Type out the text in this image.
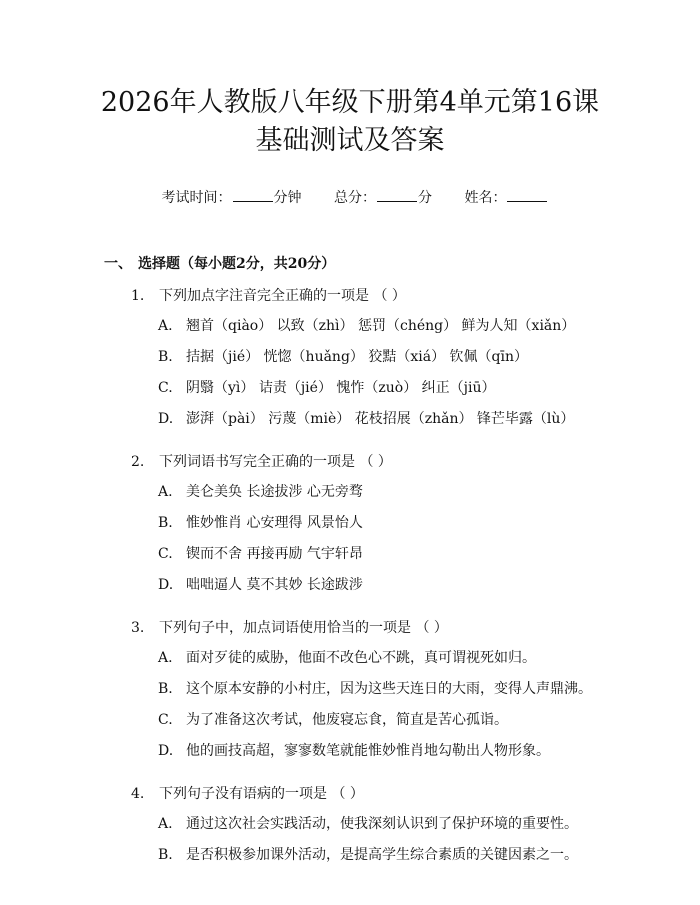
2026年人教版八年级下册第4单元第16课
基础测试及答案
考试时间：	分钟 总分：	分 姓名：
一、 选择题（每小题2分，共20分）
1. 下列加点字注音完全正确的一项是 （ ）
A. 翘首（qiào） 以致（zhì） 惩罚（chéng） 鲜为人知（xiǎn）
B. 拮据（jié） 恍惚（huǎng） 狡黠（xiá） 钦佩（qīn）
C. 阴翳（yì） 诘责（jié） 愧怍（zuò） 纠正（jiū）
D. 澎湃（pài） 污蔑（miè） 花枝招展（zhǎn） 锋芒毕露（lù）
2. 下列词语书写完全正确的一项是 （ ）
A. 美仑美奂 长途拔涉 心无旁骛
B. 惟妙惟肖 心安理得 风景怡人
C. 锲而不舍 再接再励 气宇轩昂
D. 咄咄逼人 莫不其妙 长途跋涉
3. 下列句子中，加点词语使用恰当的一项是 （ ）
A. 面对歹徒的威胁，他面不改色心不跳，真可谓视死如归。
B. 这个原本安静的小村庄，因为这些天连日的大雨，变得人声鼎沸。
C. 为了准备这次考试，他废寝忘食，简直是苦心孤诣。
D. 他的画技高超，寥寥数笔就能惟妙惟肖地勾勒出人物形象。
4. 下列句子没有语病的一项是 （ ）
A. 通过这次社会实践活动，使我深刻认识到了保护环境的重要性。
B. 是否积极参加课外活动，是提高学生综合素质的关键因素之一。
